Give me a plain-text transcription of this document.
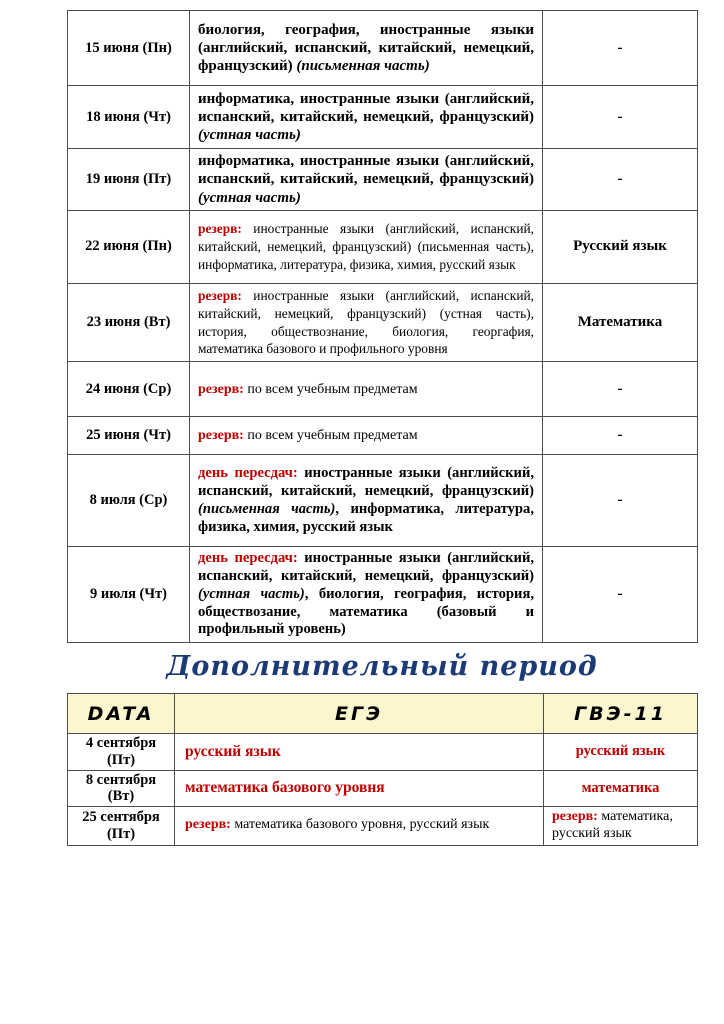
15 июня (Пн)	биология, география, иностранные языки (английский, испанский, китайский, немецкий, французский) (письменная часть)	-
18 июня (Чт)	информатика, иностранные языки (английский, испанский, китайский, немецкий, французский) (устная часть)	-
19 июня (Пт)	информатика, иностранные языки (английский, испанский, китайский, немецкий, французский) (устная часть)	-
22 июня (Пн)	резерв: иностранные языки (английский, испанский, китайский, немецкий, французский) (письменная часть), информатика, литература, физика, химия, русский язык	Русский язык
23 июня (Вт)	резерв: иностранные языки (английский, испанский, китайский, немецкий, французский) (устная часть), история, обществознание, биология, георгафия, математика базового и профильного уровня	Математика
24 июня (Ср)	резерв: по всем учебным предметам	-
25 июня (Чт)	резерв: по всем учебным предметам	-
8 июля (Ср)	день пересдач: иностранные языки (английский, испанский, китайский, немецкий, французский) (письменная часть), информатика, литература, физика, химия, русский язык	-
9 июля (Чт)	день пересдач: иностранные языки (английский, испанский, китайский, немецкий, французский) (устная часть), биология, география, история, обществозание, математика (базовый и профильный уровень)	-
Дополнительный период
DATA	ЕГЭ	ГВЭ-11
4 сентября (Пт)	русский язык	русский язык
8 сентября (Вт)	математика базового уровня	математика
25 сентября (Пт)	резерв: математика базового уровня, русский язык	резерв: математика, русский язык
